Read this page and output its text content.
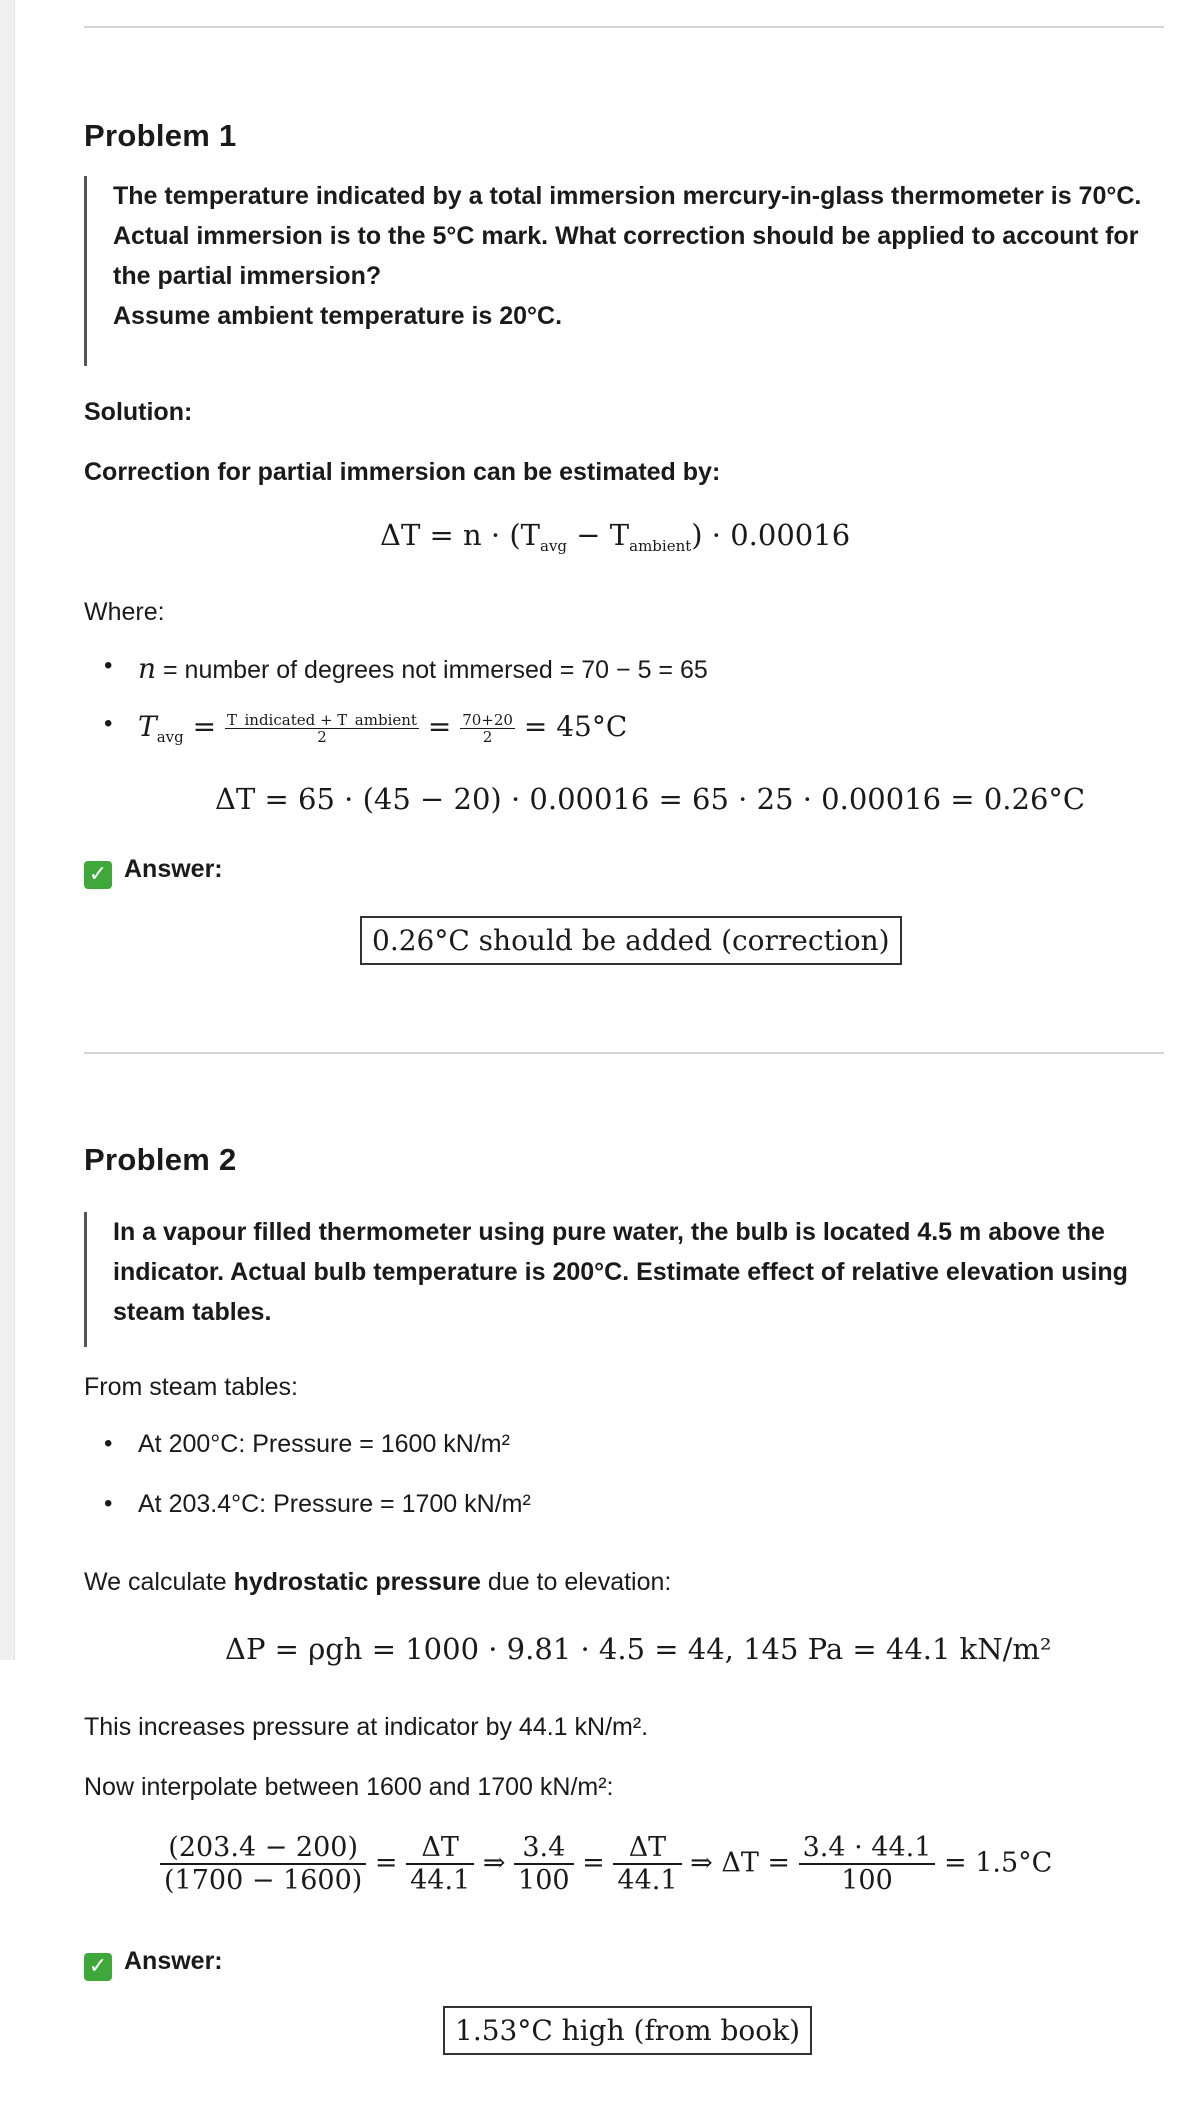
Problem 1
The temperature indicated by a total immersion mercury-in-glass thermometer is 70°C.
Actual immersion is to the 5°C mark. What correction should be applied to account for
the partial immersion?
Assume ambient temperature is 20°C.

Solution:

Correction for partial immersion can be estimated by:

$\Delta T = n \cdot (T_{avg} - T_{ambient}) \cdot 0.00016$

Where:

• n = number of degrees not immersed = 70 − 5 = 65
• $T_{avg} = \frac{\text{T\_indicated + T\_ambient}}{2} = \frac{70+20}{2} = 45^\circ C$
ΔT = 65 · (45 − 20) · 0.00016 = 65 · 25 · 0.00016 = 0.26°C
✓ Answer:
0.26°C should be added (correction)
Problem 2
In a vapour filled thermometer using pure water, the bulb is located 4.5 m above the
indicator. Actual bulb temperature is 200°C. Estimate effect of relative elevation using
steam tables.

From steam tables:

• At 200°C: Pressure = 1600 kN/m²
• At 203.4°C: Pressure = 1700 kN/m²

We calculate hydrostatic pressure due to elevation:

ΔP = ρgh = 1000 · 9.81 · 4.5 = 44, 145 Pa = 44.1 kN/m²

This increases pressure at indicator by 44.1 kN/m².

Now interpolate between 1600 and 1700 kN/m²:

$\frac{(203.4 - 200)}{(1700 - 1600)} = \frac{\Delta T}{44.1}$ ⇒ $\frac{3.4}{100} = \frac{\Delta T}{44.1}$ ⇒ $\Delta T = \frac{3.4 \cdot 44.1}{100} = 1.5^\circ C$
✓ Answer:
1.53°C high (from book)
